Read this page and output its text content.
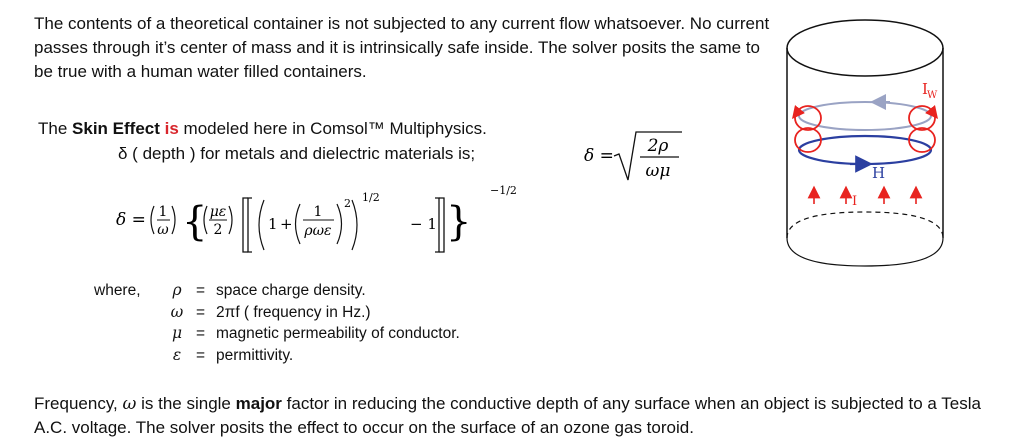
The contents of a theoretical container is not subjected to any current flow whatsoever. No current passes through it’s center of mass and it is intrinsically safe inside. The solver posits the same to be true with a human water filled containers.
The Skin Effect is modeled here in Comsol™ Multiphysics.
δ ( depth ) for metals and dielectric materials is;	δ = 2ρ
ωμ
δ = 1
ω { με
2	1 +
1
ρωε
2 1/2
− 1 }
−1/2
where, ρ = space charge density.
ω = 2πf ( frequency in Hz.)
μ = magnetic permeability of conductor.
ε = permittivity.
Frequency, ω is the single major factor in reducing the conductive depth of any surface when an object is subjected to a Tesla A.C. voltage. The solver posits the effect to occur on the surface of an ozone gas toroid.
I W
H
I
